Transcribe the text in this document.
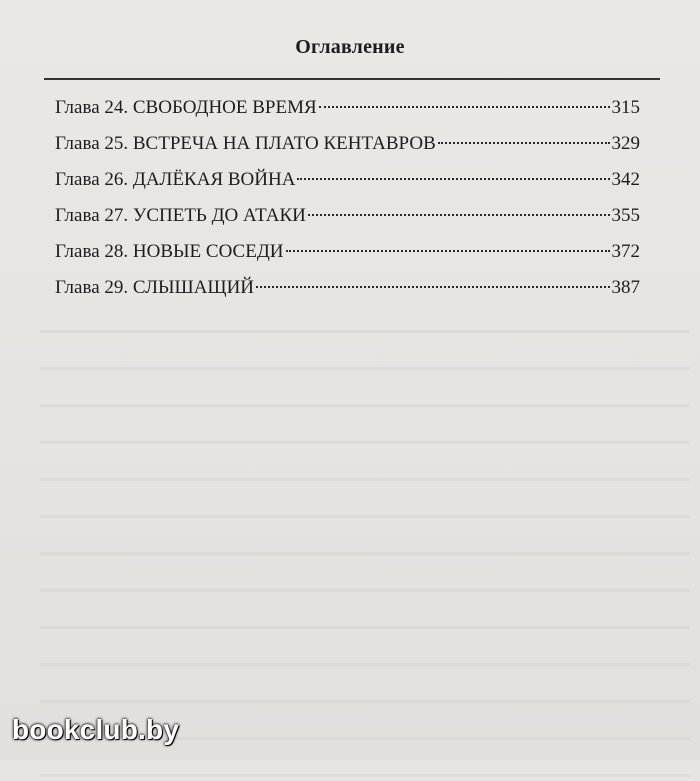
Оглавление
Глава 24. СВОБОДНОЕ ВРЕМЯ	315
Глава 25. ВСТРЕЧА НА ПЛАТО КЕНТАВРОВ	329
Глава 26. ДАЛЁКАЯ ВОЙНА	342
Глава 27. УСПЕТЬ ДО АТАКИ	355
Глава 28. НОВЫЕ СОСЕДИ	372
Глава 29. СЛЫШАЩИЙ	387
bookclub.by
